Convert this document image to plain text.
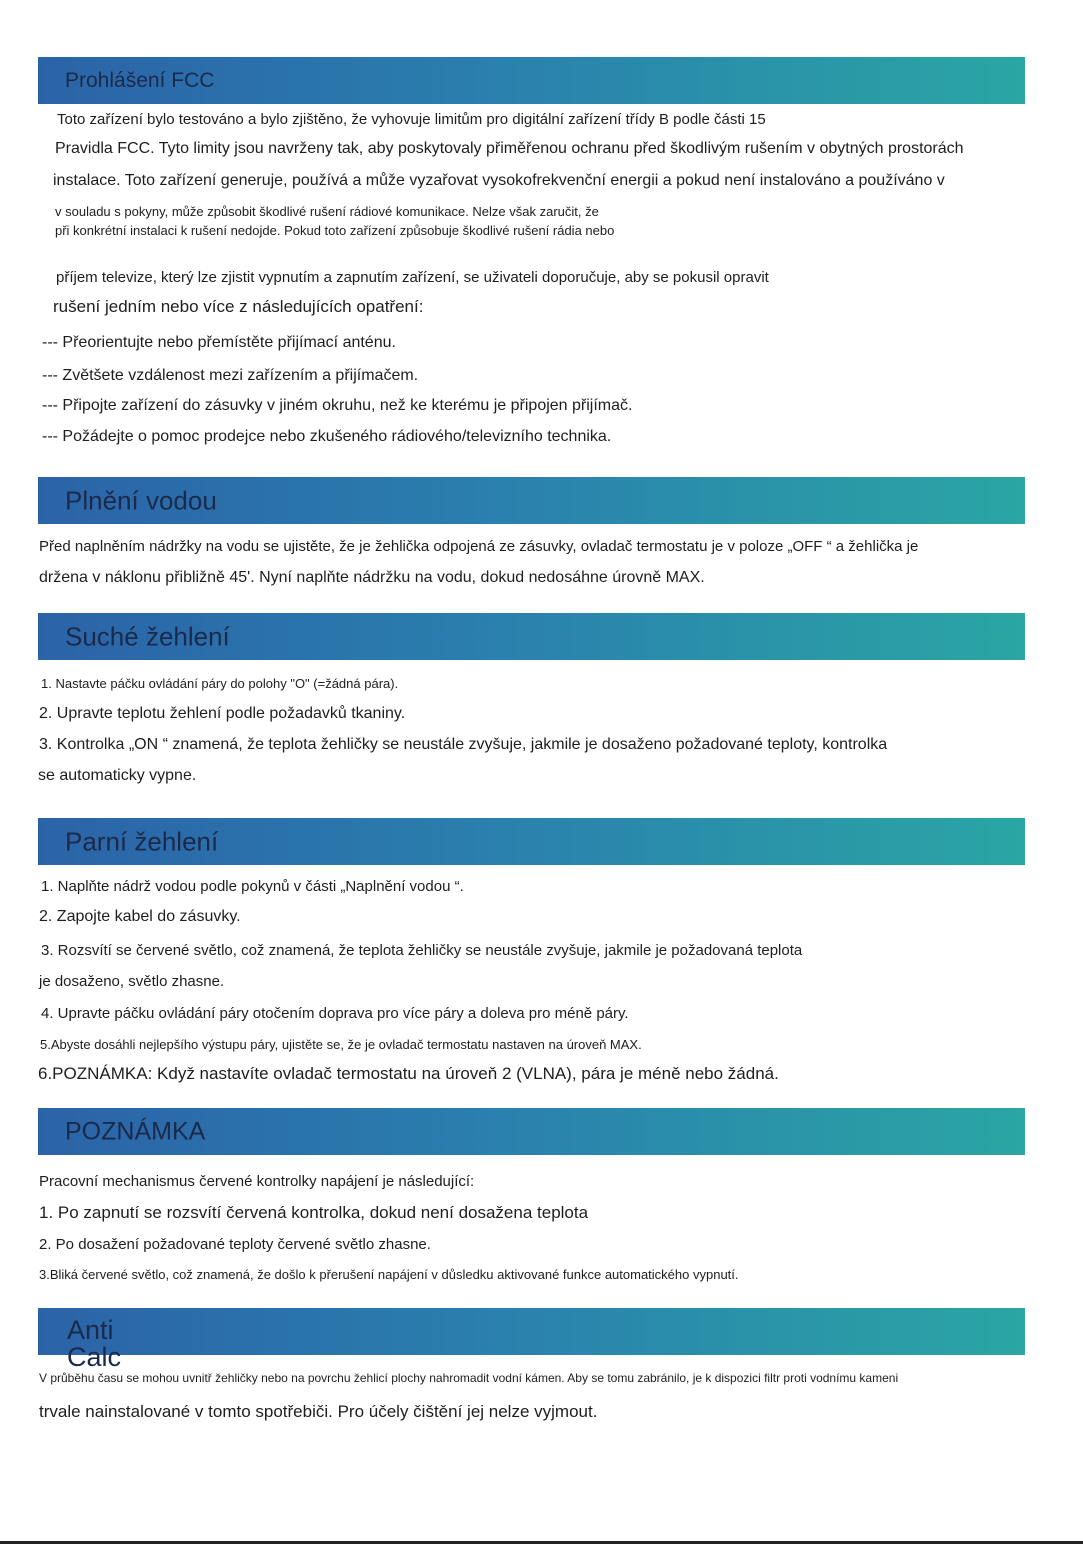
Prohlášení FCC
Toto zařízení bylo testováno a bylo zjištěno, že vyhovuje limitům pro digitální zařízení třídy B podle části 15
Pravidla FCC. Tyto limity jsou navrženy tak, aby poskytovaly přiměřenou ochranu před škodlivým rušením v obytných prostorách
instalace. Toto zařízení generuje, používá a může vyzařovat vysokofrekvenční energii a pokud není instalováno a používáno v
v souladu s pokyny, může způsobit škodlivé rušení rádiové komunikace. Nelze však zaručit, že
při konkrétní instalaci k rušení nedojde. Pokud toto zařízení způsobuje škodlivé rušení rádia nebo
příjem televize, který lze zjistit vypnutím a zapnutím zařízení, se uživateli doporučuje, aby se pokusil opravit
rušení jedním nebo více z následujících opatření:
--- Přeorientujte nebo přemístěte přijímací anténu.
--- Zvětšete vzdálenost mezi zařízením a přijímačem.
--- Připojte zařízení do zásuvky v jiném okruhu, než ke kterému je připojen přijímač.
--- Požádejte o pomoc prodejce nebo zkušeného rádiového/televizního technika.
Plnění vodou
Před naplněním nádržky na vodu se ujistěte, že je žehlička odpojená ze zásuvky, ovladač termostatu je v poloze „OFF “ a žehlička je
držena v náklonu přibližně 45'. Nyní naplňte nádržku na vodu, dokud nedosáhne úrovně MAX.
Suché žehlení
1. Nastavte páčku ovládání páry do polohy "O" (=žádná pára).
2. Upravte teplotu žehlení podle požadavků tkaniny.
3. Kontrolka „ON “ znamená, že teplota žehličky se neustále zvyšuje, jakmile je dosaženo požadované teploty, kontrolka
se automaticky vypne.
Parní žehlení
1. Naplňte nádrž vodou podle pokynů v části „Naplnění vodou “.
2. Zapojte kabel do zásuvky.
3. Rozsvítí se červené světlo, což znamená, že teplota žehličky se neustále zvyšuje, jakmile je požadovaná teplota
je dosaženo, světlo zhasne.
4. Upravte páčku ovládání páry otočením doprava pro více páry a doleva pro méně páry.
5.Abyste dosáhli nejlepšího výstupu páry, ujistěte se, že je ovladač termostatu nastaven na úroveň MAX.
6.POZNÁMKA: Když nastavíte ovladač termostatu na úroveň 2 (VLNA), pára je méně nebo žádná.
POZNÁMKA
Pracovní mechanismus červené kontrolky napájení je následující:
1. Po zapnutí se rozsvítí červená kontrolka, dokud není dosažena teplota
2. Po dosažení požadované teploty červené světlo zhasne.
3.Bliká červené světlo, což znamená, že došlo k přerušení napájení v důsledku aktivované funkce automatického vypnutí.
Anti
Calc
V průběhu času se mohou uvnitř žehličky nebo na povrchu žehlicí plochy nahromadit vodní kámen. Aby se tomu zabránilo, je k dispozici filtr proti vodnímu kameni
trvale nainstalované v tomto spotřebiči. Pro účely čištění jej nelze vyjmout.
